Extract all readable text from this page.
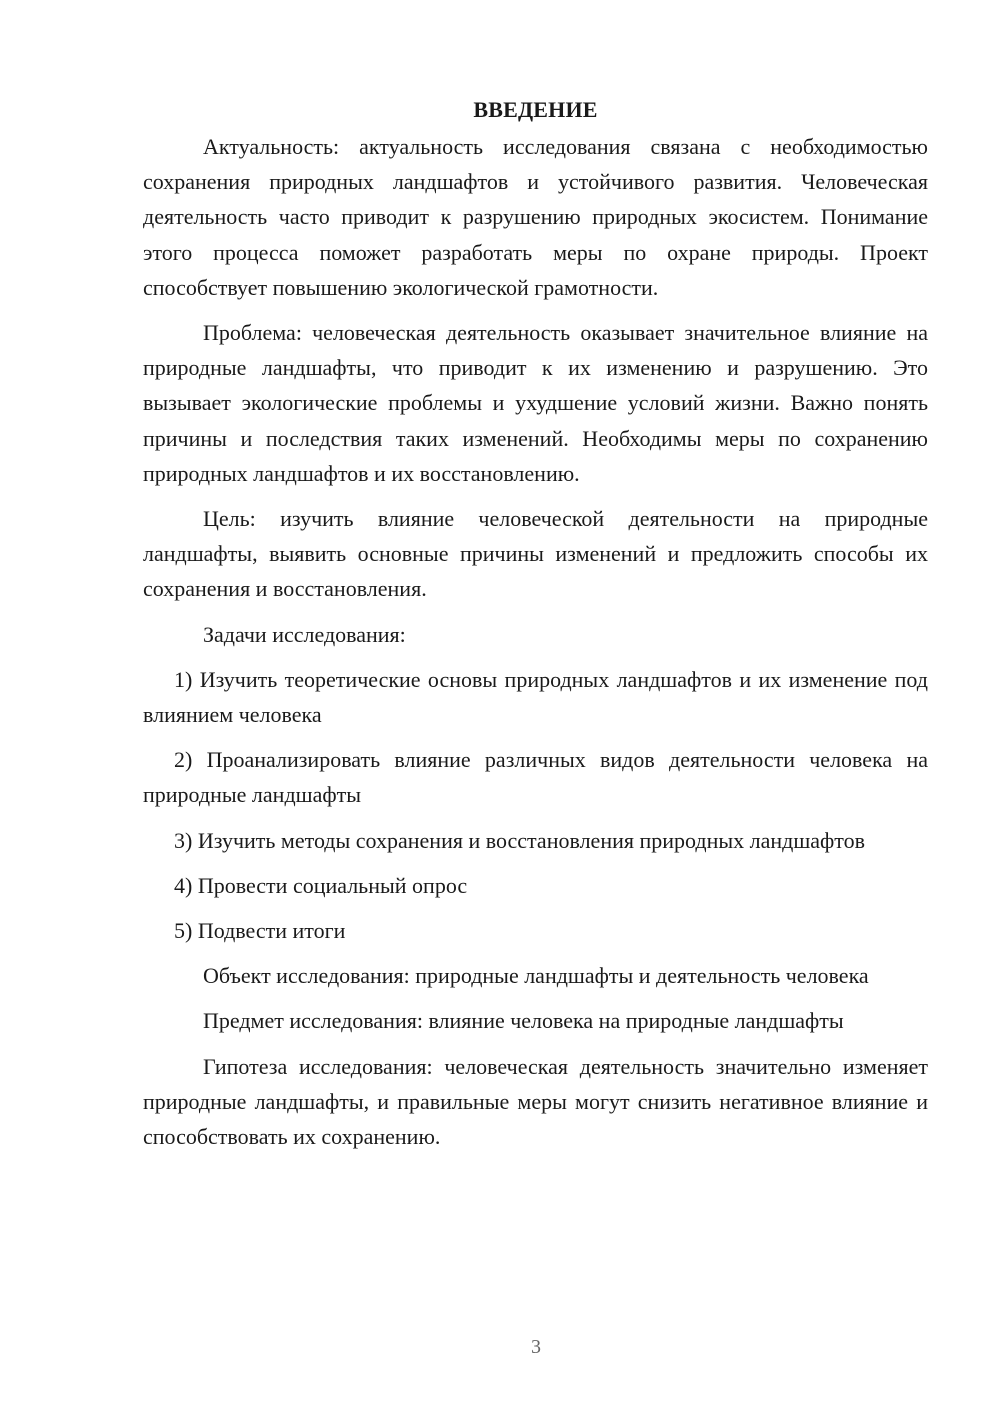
ВВЕДЕНИЕ

Актуальность: актуальность исследования связана с необходимостью сохранения природных ландшафтов и устойчивого развития. Человеческая деятельность часто приводит к разрушению природных экосистем. Понимание этого процесса поможет разработать меры по охране природы. Проект способствует повышению экологической грамотности.

Проблема: человеческая деятельность оказывает значительное влияние на природные ландшафты, что приводит к их изменению и разрушению. Это вызывает экологические проблемы и ухудшение условий жизни. Важно понять причины и последствия таких изменений. Необходимы меры по сохранению природных ландшафтов и их восстановлению.

Цель: изучить влияние человеческой деятельности на природные ландшафты, выявить основные причины изменений и предложить способы их сохранения и восстановления.

Задачи исследования:

1) Изучить теоретические основы природных ландшафтов и их изменение под влиянием человека

2) Проанализировать влияние различных видов деятельности человека на природные ландшафты

3) Изучить методы сохранения и восстановления природных ландшафтов

4) Провести социальный опрос

5) Подвести итоги

Объект исследования: природные ландшафты и деятельность человека

Предмет исследования: влияние человека на природные ландшафты

Гипотеза исследования: человеческая деятельность значительно изменяет природные ландшафты, и правильные меры могут снизить негативное влияние и способствовать их сохранению.

3
